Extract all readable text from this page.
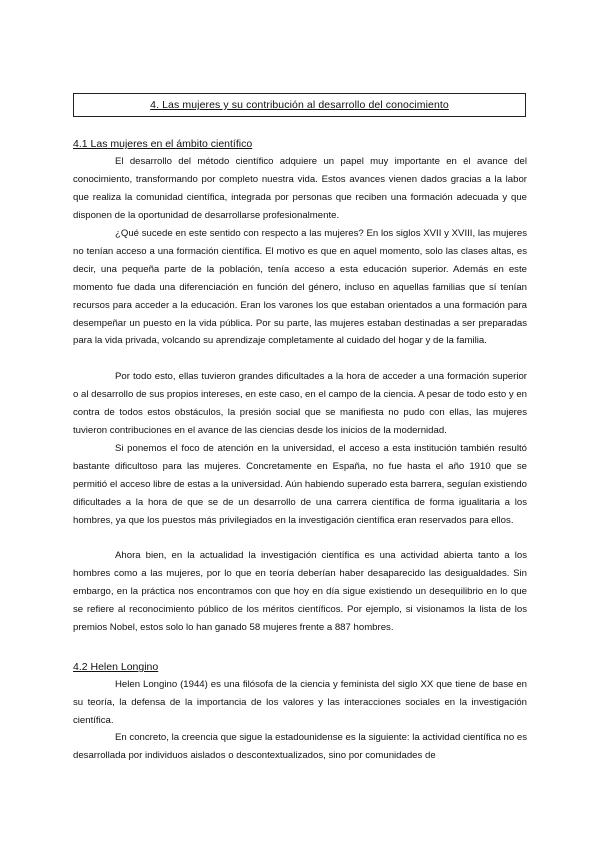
4. Las mujeres y su contribución al desarrollo del conocimiento
4.1 Las mujeres en el ámbito científico

El desarrollo del método científico adquiere un papel muy importante en el avance del conocimiento, transformando por completo nuestra vida. Estos avances vienen dados gracias a la labor que realiza la comunidad científica, integrada por personas que reciben una formación adecuada y que disponen de la oportunidad de desarrollarse profesionalmente.

¿Qué sucede en este sentido con respecto a las mujeres? En los siglos XVII y XVIII, las mujeres no tenían acceso a una formación científica. El motivo es que en aquel momento, solo las clases altas, es decir, una pequeña parte de la población, tenía acceso a esta educación superior. Además en este momento fue dada una diferenciación en función del género, incluso en aquellas familias que sí tenían recursos para acceder a la educación. Eran los varones los que estaban orientados a una formación para desempeñar un puesto en la vida pública. Por su parte, las mujeres estaban destinadas a ser preparadas para la vida privada, volcando su aprendizaje completamente al cuidado del hogar y de la familia.

Por todo esto, ellas tuvieron grandes dificultades a la hora de acceder a una formación superior o al desarrollo de sus propios intereses, en este caso, en el campo de la ciencia. A pesar de todo esto y en contra de todos estos obstáculos, la presión social que se manifiesta no pudo con ellas, las mujeres tuvieron contribuciones en el avance de las ciencias desde los inicios de la modernidad.

Si ponemos el foco de atención en la universidad, el acceso a esta institución también resultó bastante dificultoso para las mujeres. Concretamente en España, no fue hasta el año 1910 que se permitió el acceso libre de estas a la universidad. Aún habiendo superado esta barrera, seguían existiendo dificultades a la hora de que se de un desarrollo de una carrera científica de forma igualitaria a los hombres, ya que los puestos más privilegiados en la investigación científica eran reservados para ellos.

Ahora bien, en la actualidad la investigación científica es una actividad abierta tanto a los hombres como a las mujeres, por lo que en teoría deberían haber desaparecido las desigualdades. Sin embargo, en la práctica nos encontramos con que hoy en día sigue existiendo un desequilibrio en lo que se refiere al reconocimiento público de los méritos científicos. Por ejemplo, si visionamos la lista de los premios Nobel, estos solo lo han ganado 58 mujeres frente a 887 hombres.

4.2 Helen Longino

Helen Longino (1944) es una filósofa de la ciencia y feminista del siglo XX que tiene de base en su teoría, la defensa de la importancia de los valores y las interacciones sociales en la investigación científica.

En concreto, la creencia que sigue la estadounidense es la siguiente: la actividad científica no es desarrollada por individuos aislados o descontextualizados, sino por comunidades de
